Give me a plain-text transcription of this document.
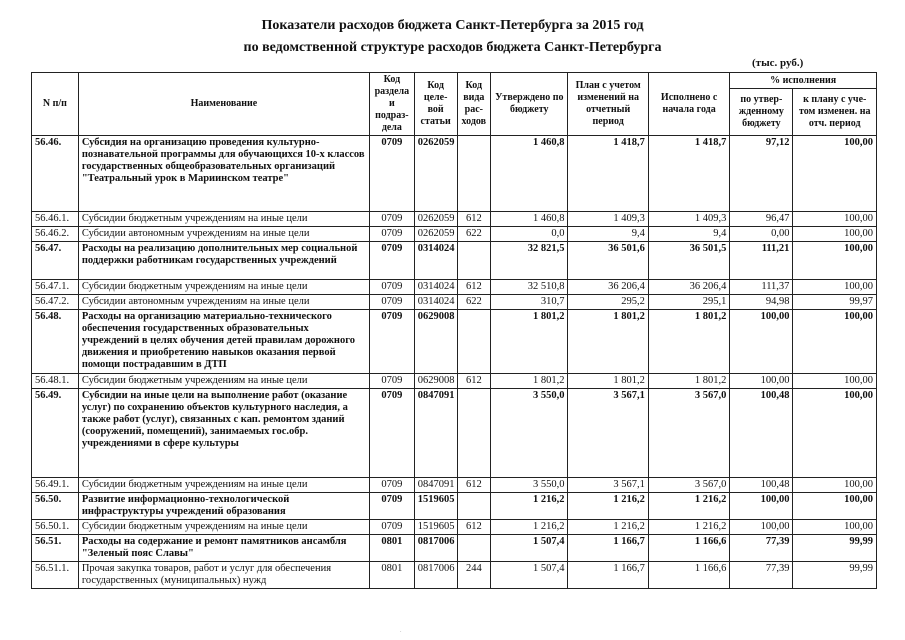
Показатели расходов бюджета Санкт-Петербурга за 2015 год
по ведомственной структуре расходов бюджета Санкт-Петербурга
(тыс. руб.)
N п/п	Наименование	Код раздела и подраз-дела	Код целе-вой статьи	Код вида рас-ходов	Утверждено по бюджету	План с учетом изменений на отчетный период	Исполнено с начала года	% исполнения	
								по утвер-жденному бюджету	к плану с уче-том изменен. на отч. период
56.46.	Субсидия на организацию проведения культурно-познавательной программы для обучающихся 10-х классов государственных общеобразовательных организаций "Театральный урок в Мариинском театре"	0709	0262059		1 460,8	1 418,7	1 418,7	97,12	100,00
56.46.1.	Субсидии бюджетным учреждениям на иные цели	0709	0262059	612	1 460,8	1 409,3	1 409,3	96,47	100,00
56.46.2.	Субсидии автономным учреждениям на иные цели	0709	0262059	622	0,0	9,4	9,4	0,00	100,00
56.47.	Расходы на реализацию дополнительных мер социальной поддержки работникам государственных учреждений	0709	0314024		32 821,5	36 501,6	36 501,5	111,21	100,00
56.47.1.	Субсидии бюджетным учреждениям на иные цели	0709	0314024	612	32 510,8	36 206,4	36 206,4	111,37	100,00
56.47.2.	Субсидии автономным учреждениям на иные цели	0709	0314024	622	310,7	295,2	295,1	94,98	99,97
56.48.	Расходы на организацию материально-технического обеспечения государственных образовательных учреждений в целях обучения детей правилам дорожного движения и приобретению навыков оказания первой помощи пострадавшим в ДТП	0709	0629008		1 801,2	1 801,2	1 801,2	100,00	100,00
56.48.1.	Субсидии бюджетным учреждениям на иные цели	0709	0629008	612	1 801,2	1 801,2	1 801,2	100,00	100,00
56.49.	Субсидии на иные цели на выполнение работ (оказание услуг) по сохранению объектов культурного наследия, а также работ (услуг), связанных с кап. ремонтом зданий (сооружений, помещений), занимаемых гос.обр. учреждениями в сфере культуры	0709	0847091		3 550,0	3 567,1	3 567,0	100,48	100,00
56.49.1.	Субсидии бюджетным учреждениям на иные цели	0709	0847091	612	3 550,0	3 567,1	3 567,0	100,48	100,00
56.50.	Развитие информационно-технологической инфраструктуры учреждений образования	0709	1519605		1 216,2	1 216,2	1 216,2	100,00	100,00
56.50.1.	Субсидии бюджетным учреждениям на иные цели	0709	1519605	612	1 216,2	1 216,2	1 216,2	100,00	100,00
56.51.	Расходы на содержание и ремонт памятников ансамбля "Зеленый пояс Славы"	0801	0817006		1 507,4	1 166,7	1 166,6	77,39	99,99
56.51.1.	Прочая закупка товаров, работ и услуг для обеспечения государственных (муниципальных) нужд	0801	0817006	244	1 507,4	1 166,7	1 166,6	77,39	99,99
.
